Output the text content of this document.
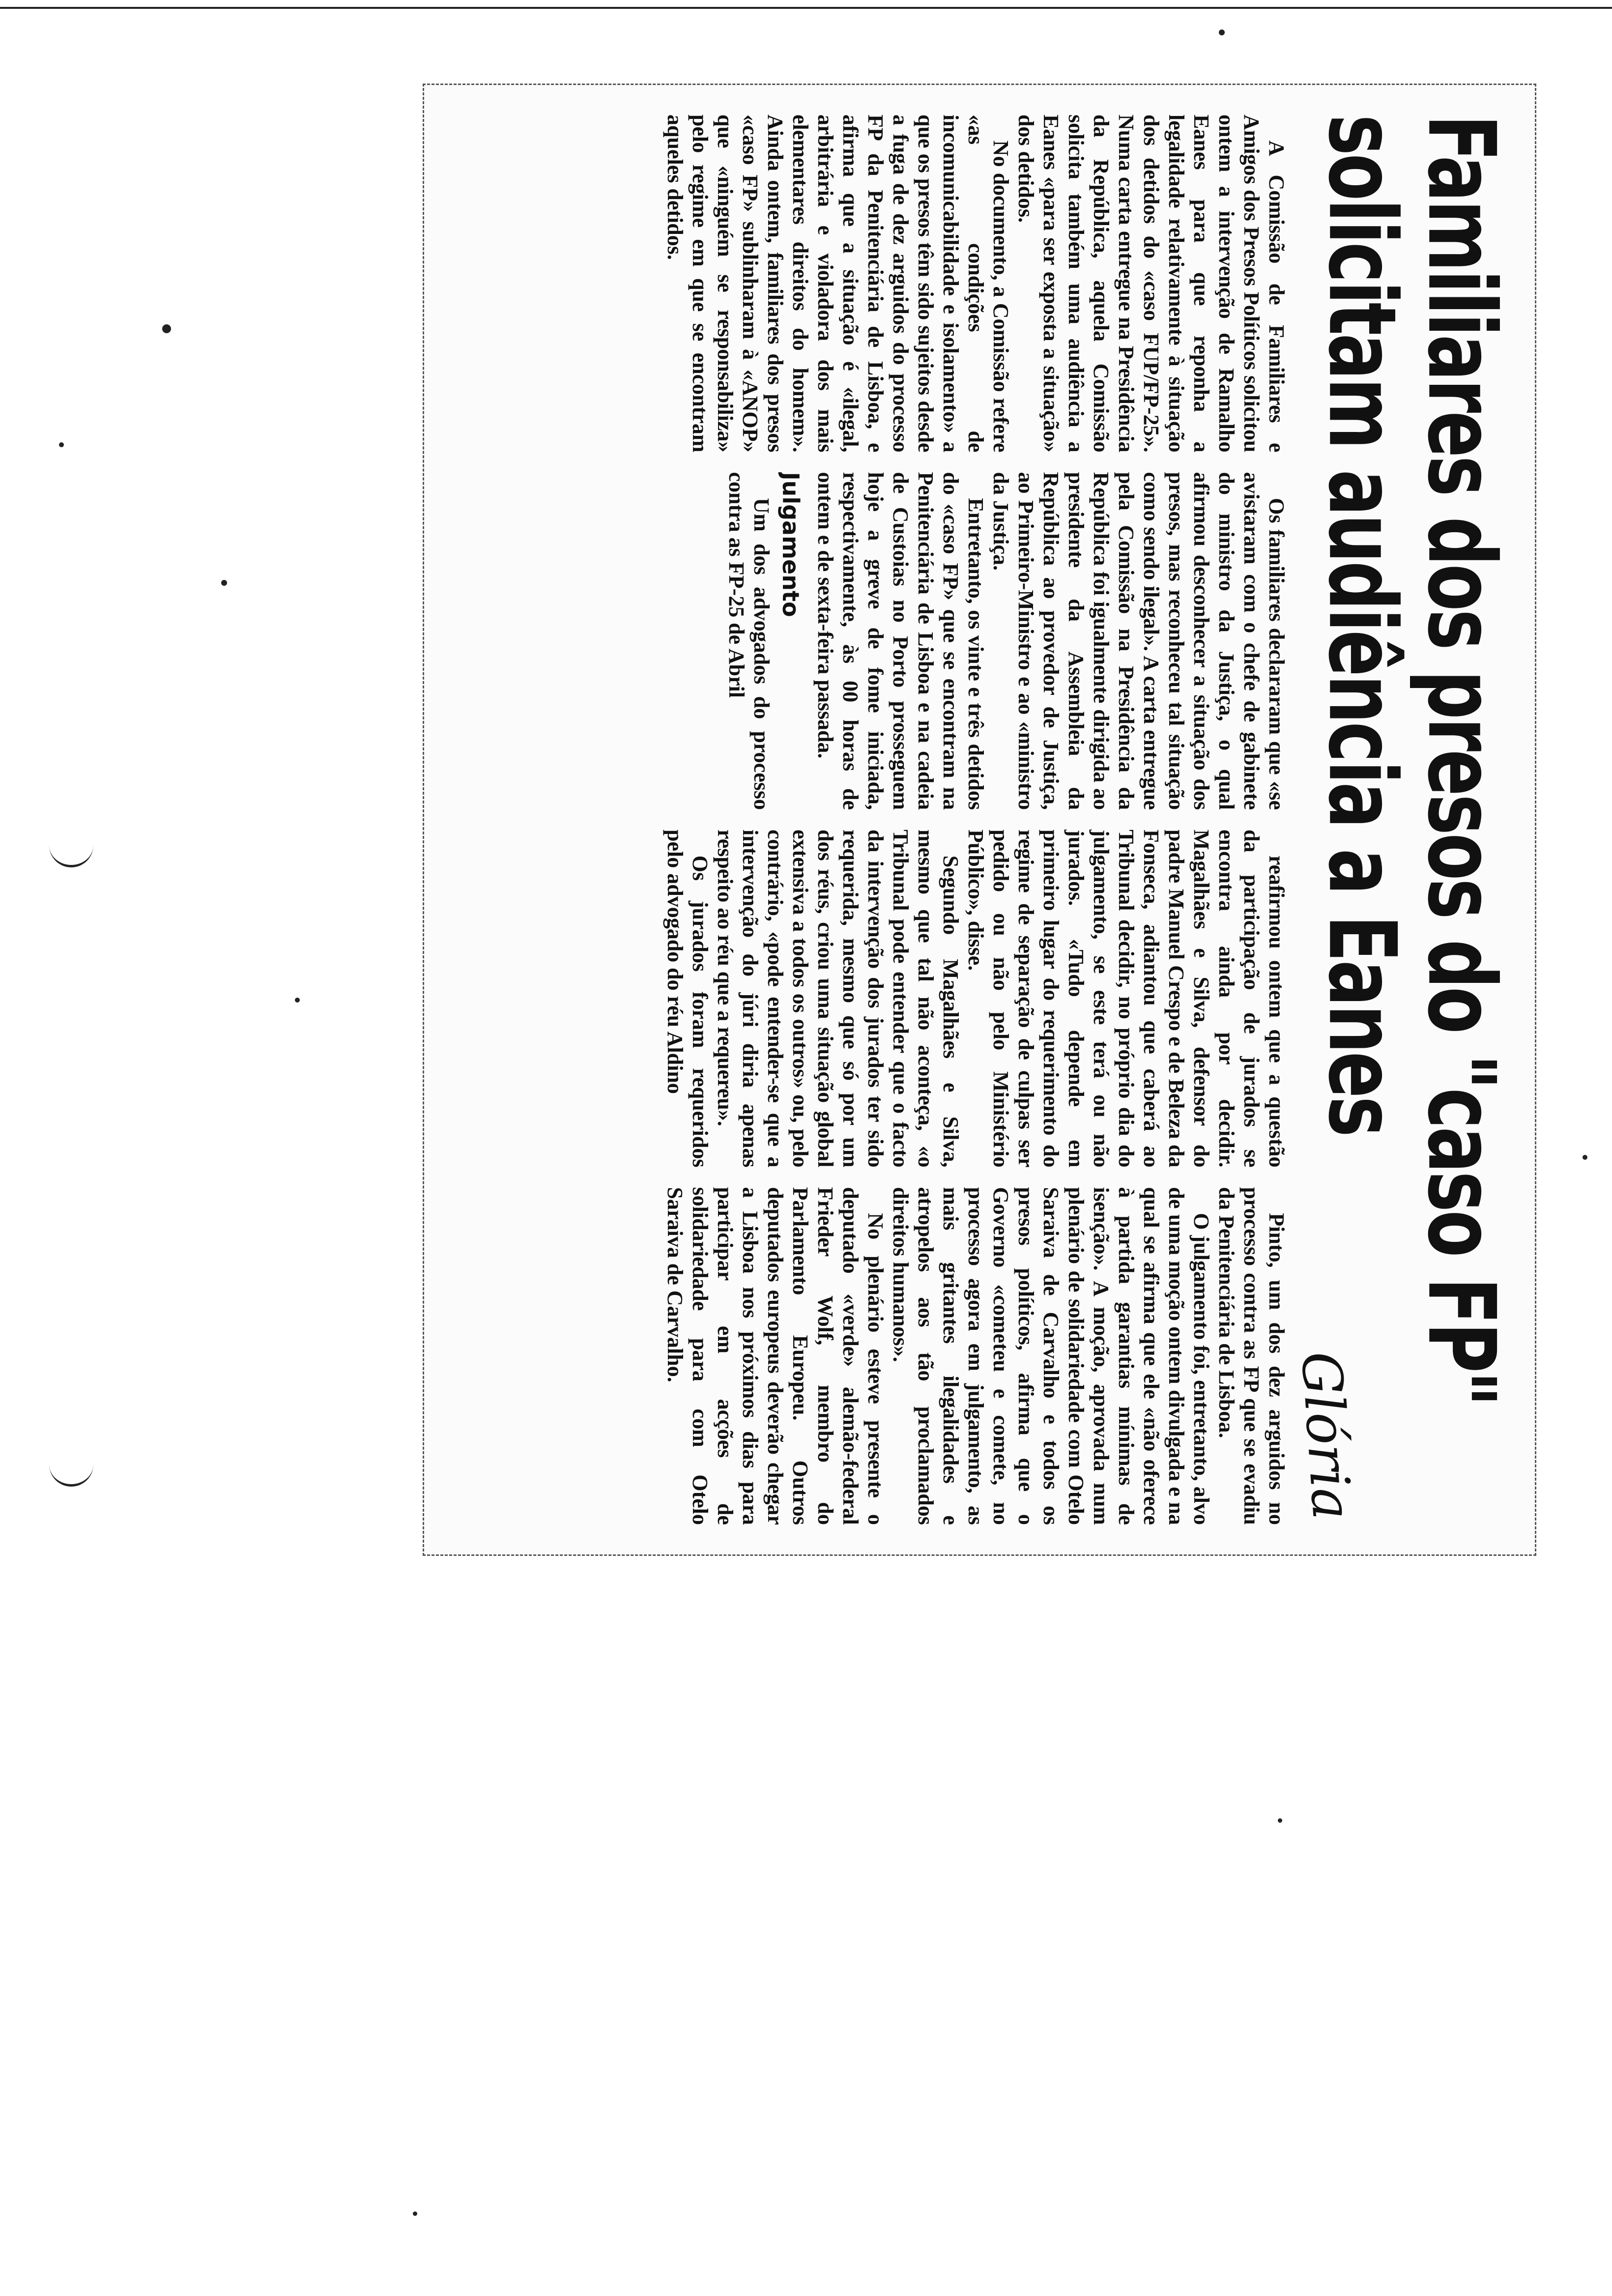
Familiares dos presos do "caso FP"
solicitam audiência a Eanes
Glória

A Comissão de Familiares e Amigos dos Presos Políticos solicitou ontem a intervenção de Ramalho Eanes para que reponha a legalidade relativamente à situação dos detidos do «caso FUP/FP-25». Numa carta entregue na Presidência da República, aquela Comissão solicita também uma audiência a Eanes «para ser exposta a situação» dos detidos.

No documento, a Comissão refere «as condições de incomunicabilidade e isolamento» a que os presos têm sido sujeitos desde a fuga de dez arguidos do processo FP da Penitenciária de Lisboa, e afirma que a situação é «ilegal, arbitrária e violadora dos mais elementares direitos do homem». Ainda ontem, familiares dos presos «caso FP» sublinharam à «ANOP» que «ninguém se responsabiliza» pelo regime em que se encontram aqueles detidos.

Os familiares declararam que «se avistaram com o chefe de gabinete do ministro da Justiça, o qual afirmou desconhecer a situação dos presos, mas reconheceu tal situação como sendo ilegal». A carta entregue pela Comissão na Presidência da República foi igualmente dirigida ao presidente da Assembleia da República ao provedor de Justiça, ao Primeiro-Ministro e ao «ministro da Justiça.

Entretanto, os vinte e três detidos do «caso FP» que se encontram na Penitenciária de Lisboa e na cadeia de Custoias no Porto prosseguem hoje a greve de fome iniciada, respectivamente, às 00 horas de ontem e de sexta-feira passada.

Julgamento

Um dos advogados do processo contra as FP-25 de Abril

reafirmou ontem que a questão da participação de jurados se encontra ainda por decidir. Magalhães e Silva, defensor do padre Manuel Crespo e de Beleza da Fonseca, adiantou que caberá ao Tribunal decidir, no próprio dia do julgamento, se este terá ou não jurados. «Tudo depende em primeiro lugar do requerimento do regime de separação de culpas ser pedido ou não pelo Ministério Público», disse.

Segundo Magalhães e Silva, mesmo que tal não aconteça, «o Tribunal pode entender que o facto da intervenção dos jurados ter sido requerida, mesmo que só por um dos réus, criou uma situação global extensiva a todos os outros» ou, pelo contrário, «pode entender-se que a intervenção do júri diria apenas respeito ao réu que a requereu».

Os jurados foram requeridos pelo advogado do réu Aldino

Pinto, um dos dez arguidos no processo contra as FP que se evadiu da Penitenciária de Lisboa.

O julgamento foi, entretanto, alvo de uma moção ontem divulgada e na qual se afirma que ele «não oferece à partida garantias mínimas de isenção». A moção, aprovada num plenário de solidariedade com Otelo Saraiva de Carvalho e todos os presos políticos, afirma que o Governo «cometeu e comete, no processo agora em julgamento, as mais gritantes ilegalidades e atropelos aos tão proclamados direitos humanos».

No plenário esteve presente o deputado «verde» alemão-federal Frieder Wolf, membro do Parlamento Europeu. Outros deputados europeus deverão chegar a Lisboa nos próximos dias para participar em acções de solidariedade para com Otelo Saraiva de Carvalho.
